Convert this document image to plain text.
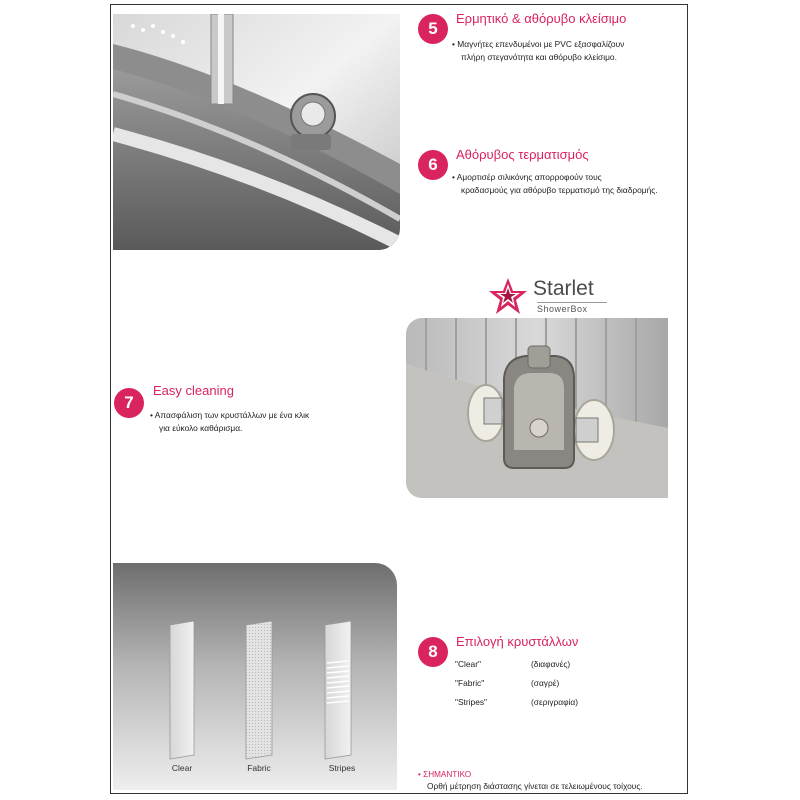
5
Ερμητικό & αθόρυβο κλείσιμο
• Μαγνήτες επενδυμένοι με PVC εξασφαλίζουν
πλήρη στεγανότητα και αθόρυβο κλείσιμο.
6
Αθόρυβος τερματισμός
• Αμορτισέρ σιλικόνης απορροφούν τους
κραδασμούς για αθόρυβο τερματισμό της διαδρομής.
Starlet
ShowerBox
7
Easy cleaning
• Απασφάλιση των κρυστάλλων με ένα κλικ
για εύκολο καθάρισμα.
Clear	Fabric	Stripes
8
Επιλογή κρυστάλλων
"Clear"	(διαφανές)
"Fabric"	(σαγρέ)
"Stripes"	(σεριγραφία)
• ΣΗΜΑΝΤΙΚΟ
Ορθή μέτρηση διάστασης γίνεται σε τελειωμένους τοίχους.
